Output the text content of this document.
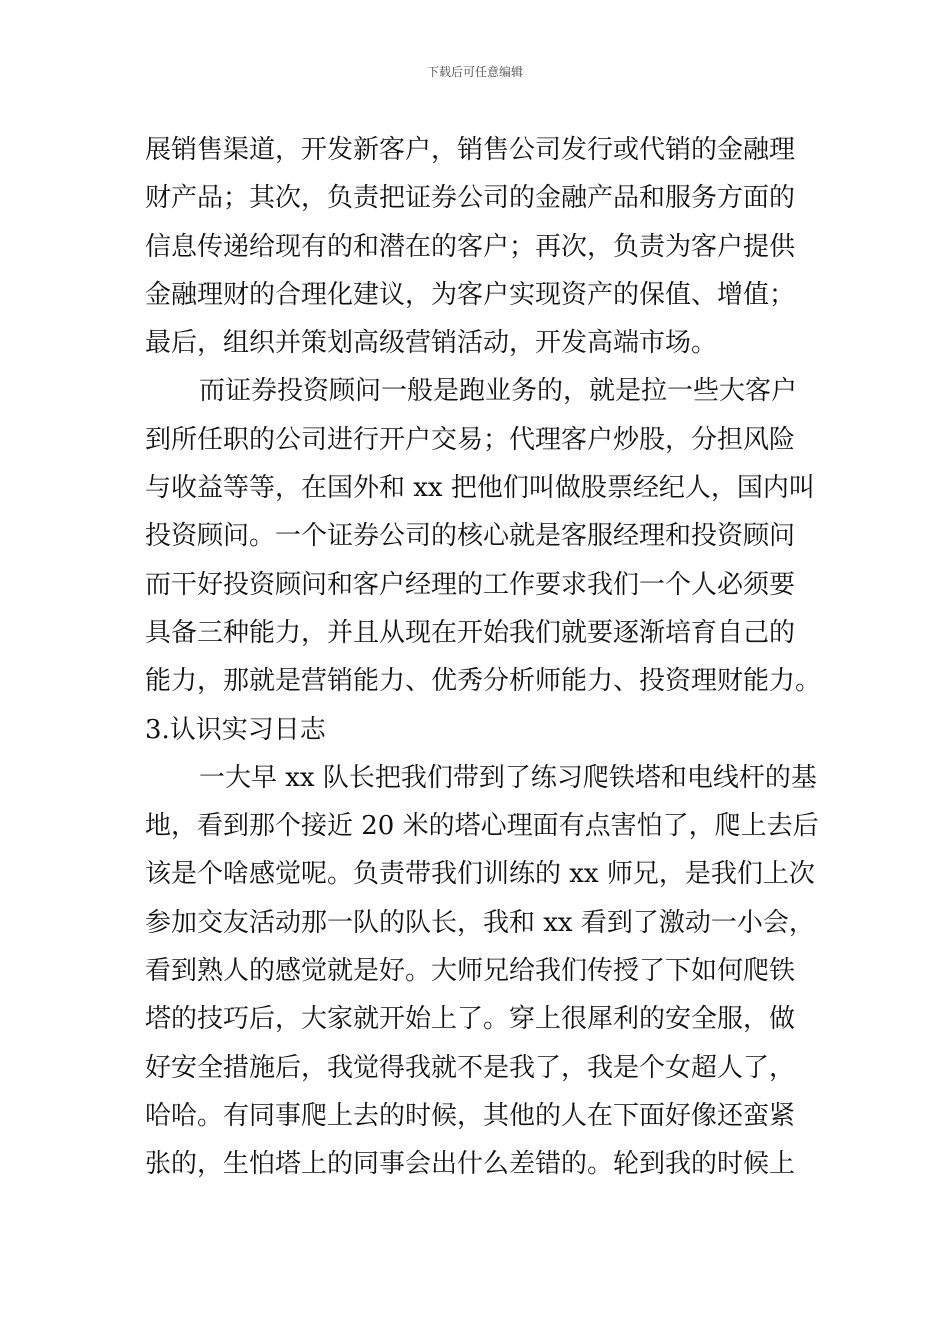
下载后可任意编辑
展销售渠道，开发新客户，销售公司发行或代销的金融理
财产品；其次，负责把证券公司的金融产品和服务方面的
信息传递给现有的和潜在的客户；再次，负责为客户提供
金融理财的合理化建议，为客户实现资产的保值、增值；
最后，组织并策划高级营销活动，开发高端市场。
而证券投资顾问一般是跑业务的，就是拉一些大客户
到所任职的公司进行开户交易；代理客户炒股，分担风险
与收益等等，在国外和 xx 把他们叫做股票经纪人，国内叫
投资顾问。一个证券公司的核心就是客服经理和投资顾问
而干好投资顾问和客户经理的工作要求我们一个人必须要
具备三种能力，并且从现在开始我们就要逐渐培育自己的
能力，那就是营销能力、优秀分析师能力、投资理财能力。
3.认识实习日志
一大早 xx 队长把我们带到了练习爬铁塔和电线杆的基
地，看到那个接近 20 米的塔心理面有点害怕了，爬上去后
该是个啥感觉呢。负责带我们训练的 xx 师兄，是我们上次
参加交友活动那一队的队长，我和 xx 看到了激动一小会，
看到熟人的感觉就是好。大师兄给我们传授了下如何爬铁
塔的技巧后，大家就开始上了。穿上很犀利的安全服，做
好安全措施后，我觉得我就不是我了，我是个女超人了，
哈哈。有同事爬上去的时候，其他的人在下面好像还蛮紧
张的，生怕塔上的同事会出什么差错的。轮到我的时候上
